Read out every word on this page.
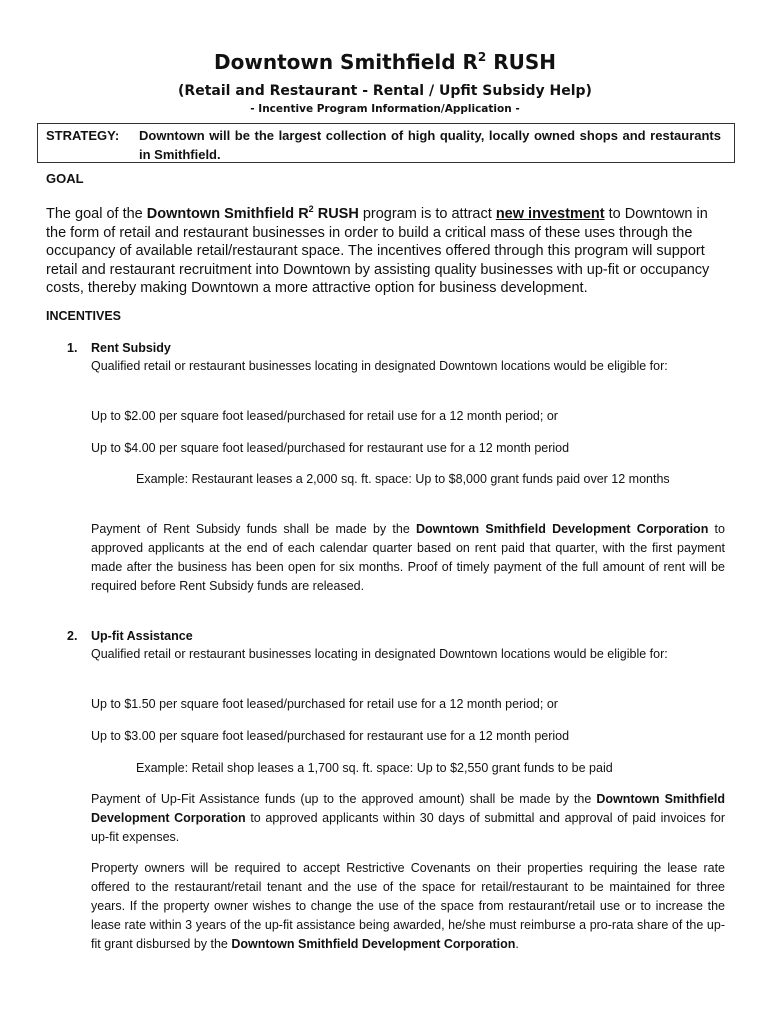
Downtown Smithfield $R^2$ RUSH
(Retail and Restaurant - Rental / Upfit Subsidy Help)
- Incentive Program Information/Application -
STRATEGY: Downtown will be the largest collection of high quality, locally owned shops and restaurants in Smithfield.
GOAL
The goal of the Downtown Smithfield $R^2$ RUSH program is to attract new investment to Downtown in the form of retail and restaurant businesses in order to build a critical mass of these uses through the occupancy of available retail/restaurant space. The incentives offered through this program will support retail and restaurant recruitment into Downtown by assisting quality businesses with up-fit or occupancy costs, thereby making Downtown a more attractive option for business development.
INCENTIVES
1. Rent Subsidy
Qualified retail or restaurant businesses locating in designated Downtown locations would be eligible for:
Up to $2.00 per square foot leased/purchased for retail use for a 12 month period; or
Up to $4.00 per square foot leased/purchased for restaurant use for a 12 month period
Example: Restaurant leases a 2,000 sq. ft. space: Up to $8,000 grant funds paid over 12 months
Payment of Rent Subsidy funds shall be made by the Downtown Smithfield Development Corporation to approved applicants at the end of each calendar quarter based on rent paid that quarter, with the first payment made after the business has been open for six months. Proof of timely payment of the full amount of rent will be required before Rent Subsidy funds are released.
2. Up-fit Assistance
Qualified retail or restaurant businesses locating in designated Downtown locations would be eligible for:
Up to $1.50 per square foot leased/purchased for retail use for a 12 month period; or
Up to $3.00 per square foot leased/purchased for restaurant use for a 12 month period
Example: Retail shop leases a 1,700 sq. ft. space: Up to $2,550 grant funds to be paid
Payment of Up-Fit Assistance funds (up to the approved amount) shall be made by the Downtown Smithfield Development Corporation to approved applicants within 30 days of submittal and approval of paid invoices for up-fit expenses.
Property owners will be required to accept Restrictive Covenants on their properties requiring the lease rate offered to the restaurant/retail tenant and the use of the space for retail/restaurant to be maintained for three years. If the property owner wishes to change the use of the space from restaurant/retail use or to increase the lease rate within 3 years of the up-fit assistance being awarded, he/she must reimburse a pro-rata share of the up-fit grant disbursed by the Downtown Smithfield Development Corporation.
